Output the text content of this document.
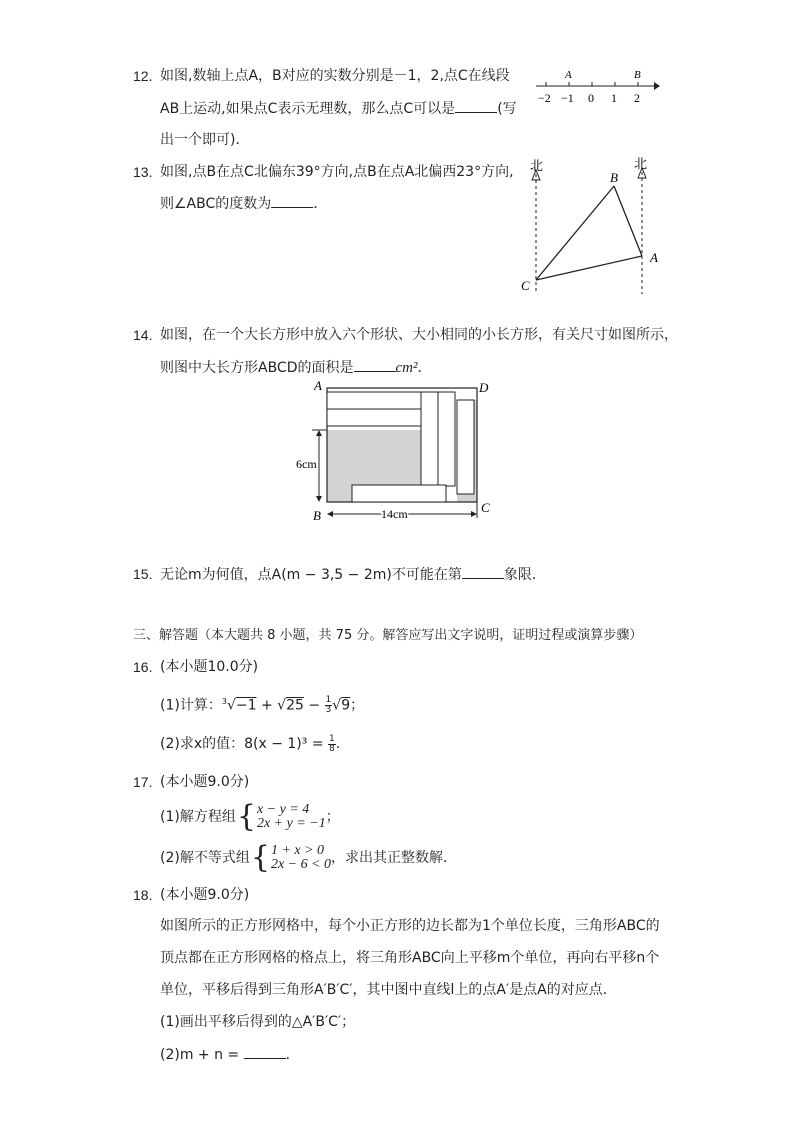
12. 如图,数轴上点A，B对应的实数分别是－1，2,点C在线段
AB上运动,如果点C表示无理数，那么点C可以是	(写
出一个即可)．
A	B
−2 −1 0 1 2
13. 如图,点B在点C北偏东39°方向,点B在点A北偏西23°方向,
则∠ABC的度数为	．
北	北
B
A
C
14. 如图，在一个大长方形中放入六个形状、大小相同的小长方形，有关尺寸如图所示，
则图中大长方形ABCD的面积是	cm²．
A	D
B
C
6cm
14cm
15. 无论m为何值，点A(m − 3,5 − 2m)不可能在第	象限．
三、解答题（本大题共 8 小题，共 75 分。解答应写出文字说明，证明过程或演算步骤）
16. (本小题10.0分)
(1)计算：$^3√-1 + √25 - \frac{1}{3} √9$；
(2)求x的值：$8(x - 1)^3 = \frac{1}{8}$ .
17. (本小题9.0分)
(1)解方程组{ x − y = 4
2x + y = −1 ；
(2)解不等式组{ 1 + x > 0
2x − 6 < 0 ，求出其正整数解．
18. (本小题9.0分)
如图所示的正方形网格中，每个小正方形的边长都为1个单位长度，三角形ABC的
顶点都在正方形网格的格点上，将三角形ABC向上平移m个单位，再向右平移n个
单位，平移后得到三角形A′B′C′，其中图中直线l上的点A′是点A的对应点．
(1)画出平移后得到的△A′B′C′；
(2)m + n =	．
